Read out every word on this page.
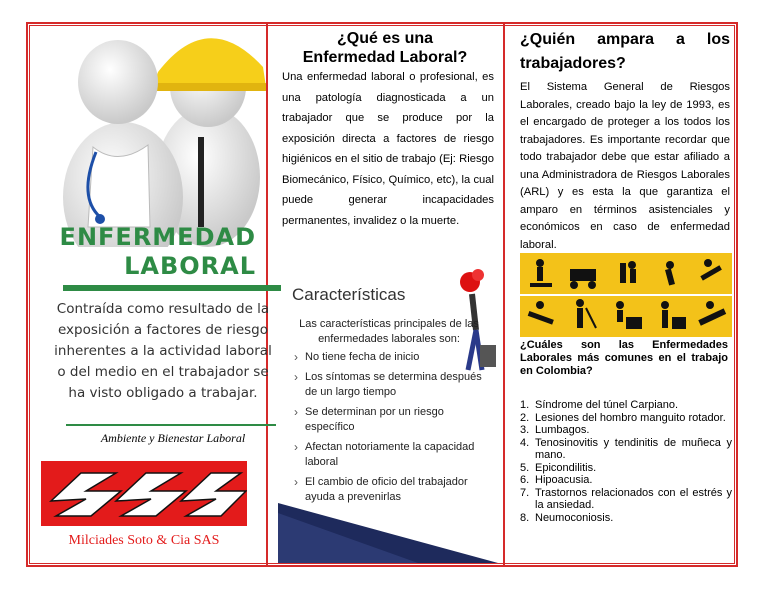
ENFERMEDAD
LABORAL
Contraída como resultado de la exposición a factores de riesgo inherentes a la actividad laboral o del medio en el trabajador se ha visto obligado a trabajar.
Ambiente y Bienestar Laboral
Milciades Soto & Cia SAS
¿Qué es una Enfermedad Laboral?
Una enfermedad laboral o profesional, es una patología diagnosticada a un trabajador que se produce por la exposición directa a factores de riesgo higiénicos en el sitio de trabajo (Ej: Riesgo Biomecánico, Físico, Químico, etc), la cual puede generar incapacidades permanentes, invalidez o la muerte.
Características
Las características principales de las enfermedades laborales son:
› No tiene fecha de inicio
› Los síntomas se determina después de un largo tiempo
› Se determinan por un riesgo específico
› Afectan notoriamente la capacidad laboral
› El cambio de oficio del trabajador ayuda a prevenirlas
¿Quién ampara a los
trabajadores?
El Sistema General de Riesgos Laborales, creado bajo la ley de 1993, es el encargado de proteger a los todos los trabajadores. Es importante recordar que todo trabajador debe que estar afiliado a una Administradora de Riesgos Laborales (ARL) y es esta la que garantiza el amparo en términos asistenciales y económicos en caso de enfermedad laboral.
¿Cuáles son las Enfermedades Laborales más comunes en el trabajo en Colombia?
1. Síndrome del túnel Carpiano.
2. Lesiones del hombro manguito rotador.
3. Lumbagos.
4. Tenosinovitis y tendinitis de muñeca y mano.
5. Epicondilitis.
6. Hipoacusia.
7. Trastornos relacionados con el estrés y la ansiedad.
8. Neumoconiosis.
